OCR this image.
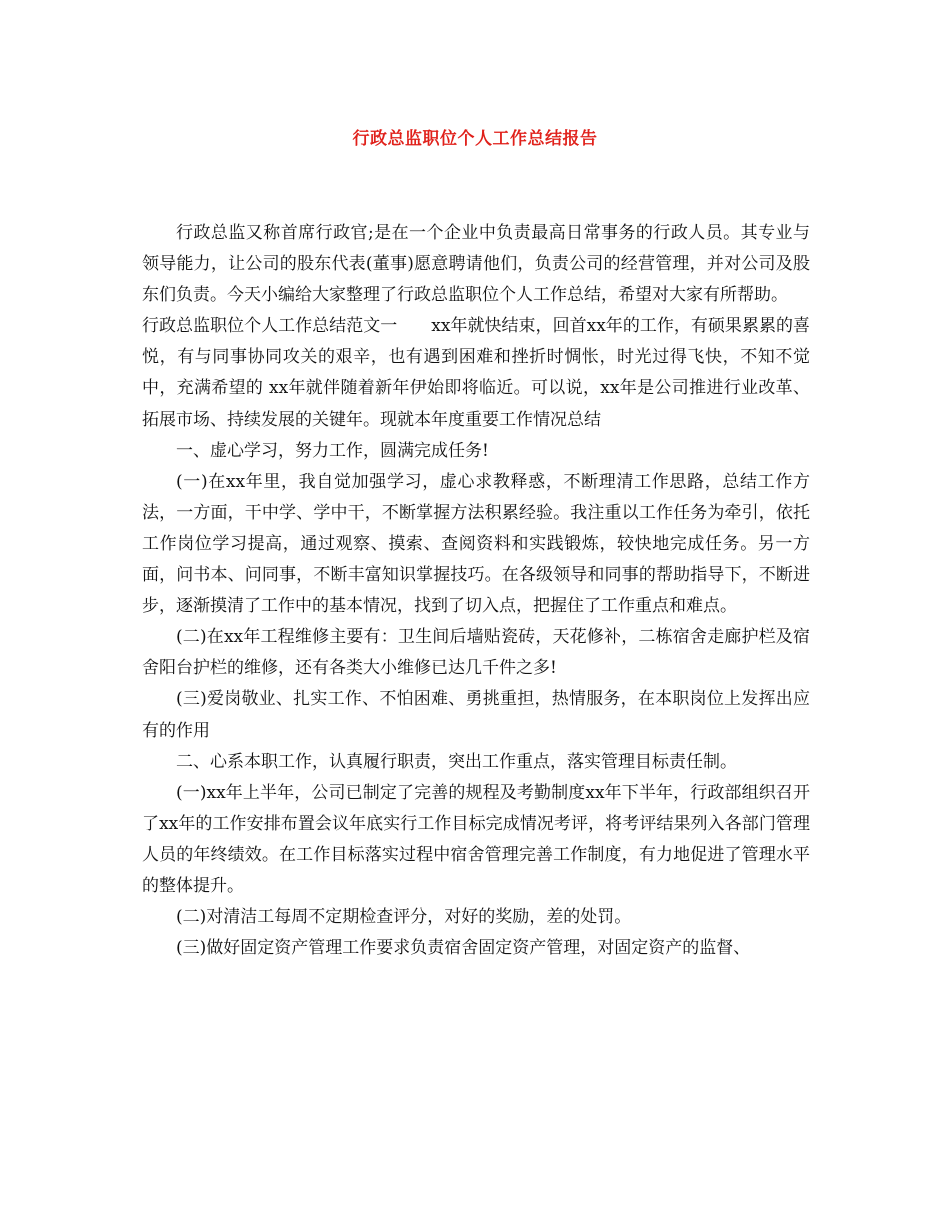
行政总监职位个人工作总结报告

行政总监又称首席行政官;是在一个企业中负责最高日常事务的行政人员。其专业与领导能力，让公司的股东代表(董事)愿意聘请他们，负责公司的经营管理，并对公司及股东们负责。今天小编给大家整理了行政总监职位个人工作总结，希望对大家有所帮助。

行政总监职位个人工作总结范文一　　xx年就快结束，回首xx年的工作，有硕果累累的喜悦，有与同事协同攻关的艰辛，也有遇到困难和挫折时惆怅，时光过得飞快，不知不觉中，充满希望的 xx年就伴随着新年伊始即将临近。可以说，xx年是公司推进行业改革、拓展市场、持续发展的关键年。现就本年度重要工作情况总结

一、虚心学习，努力工作，圆满完成任务!

(一)在xx年里，我自觉加强学习，虚心求教释惑，不断理清工作思路，总结工作方法，一方面，干中学、学中干，不断掌握方法积累经验。我注重以工作任务为牵引，依托工作岗位学习提高，通过观察、摸索、查阅资料和实践锻炼，较快地完成任务。另一方面，问书本、问同事，不断丰富知识掌握技巧。在各级领导和同事的帮助指导下，不断进步，逐渐摸清了工作中的基本情况，找到了切入点，把握住了工作重点和难点。

(二)在xx年工程维修主要有：卫生间后墙贴瓷砖，天花修补，二栋宿舍走廊护栏及宿舍阳台护栏的维修，还有各类大小维修已达几千件之多!

(三)爱岗敬业、扎实工作、不怕困难、勇挑重担，热情服务，在本职岗位上发挥出应有的作用

二、心系本职工作，认真履行职责，突出工作重点，落实管理目标责任制。

(一)xx年上半年，公司已制定了完善的规程及考勤制度xx年下半年，行政部组织召开了xx年的工作安排布置会议年底实行工作目标完成情况考评，将考评结果列入各部门管理人员的年终绩效。在工作目标落实过程中宿舍管理完善工作制度，有力地促进了管理水平的整体提升。

(二)对清洁工每周不定期检查评分，对好的奖励，差的处罚。

(三)做好固定资产管理工作要求负责宿舍固定资产管理，对固定资产的监督、
